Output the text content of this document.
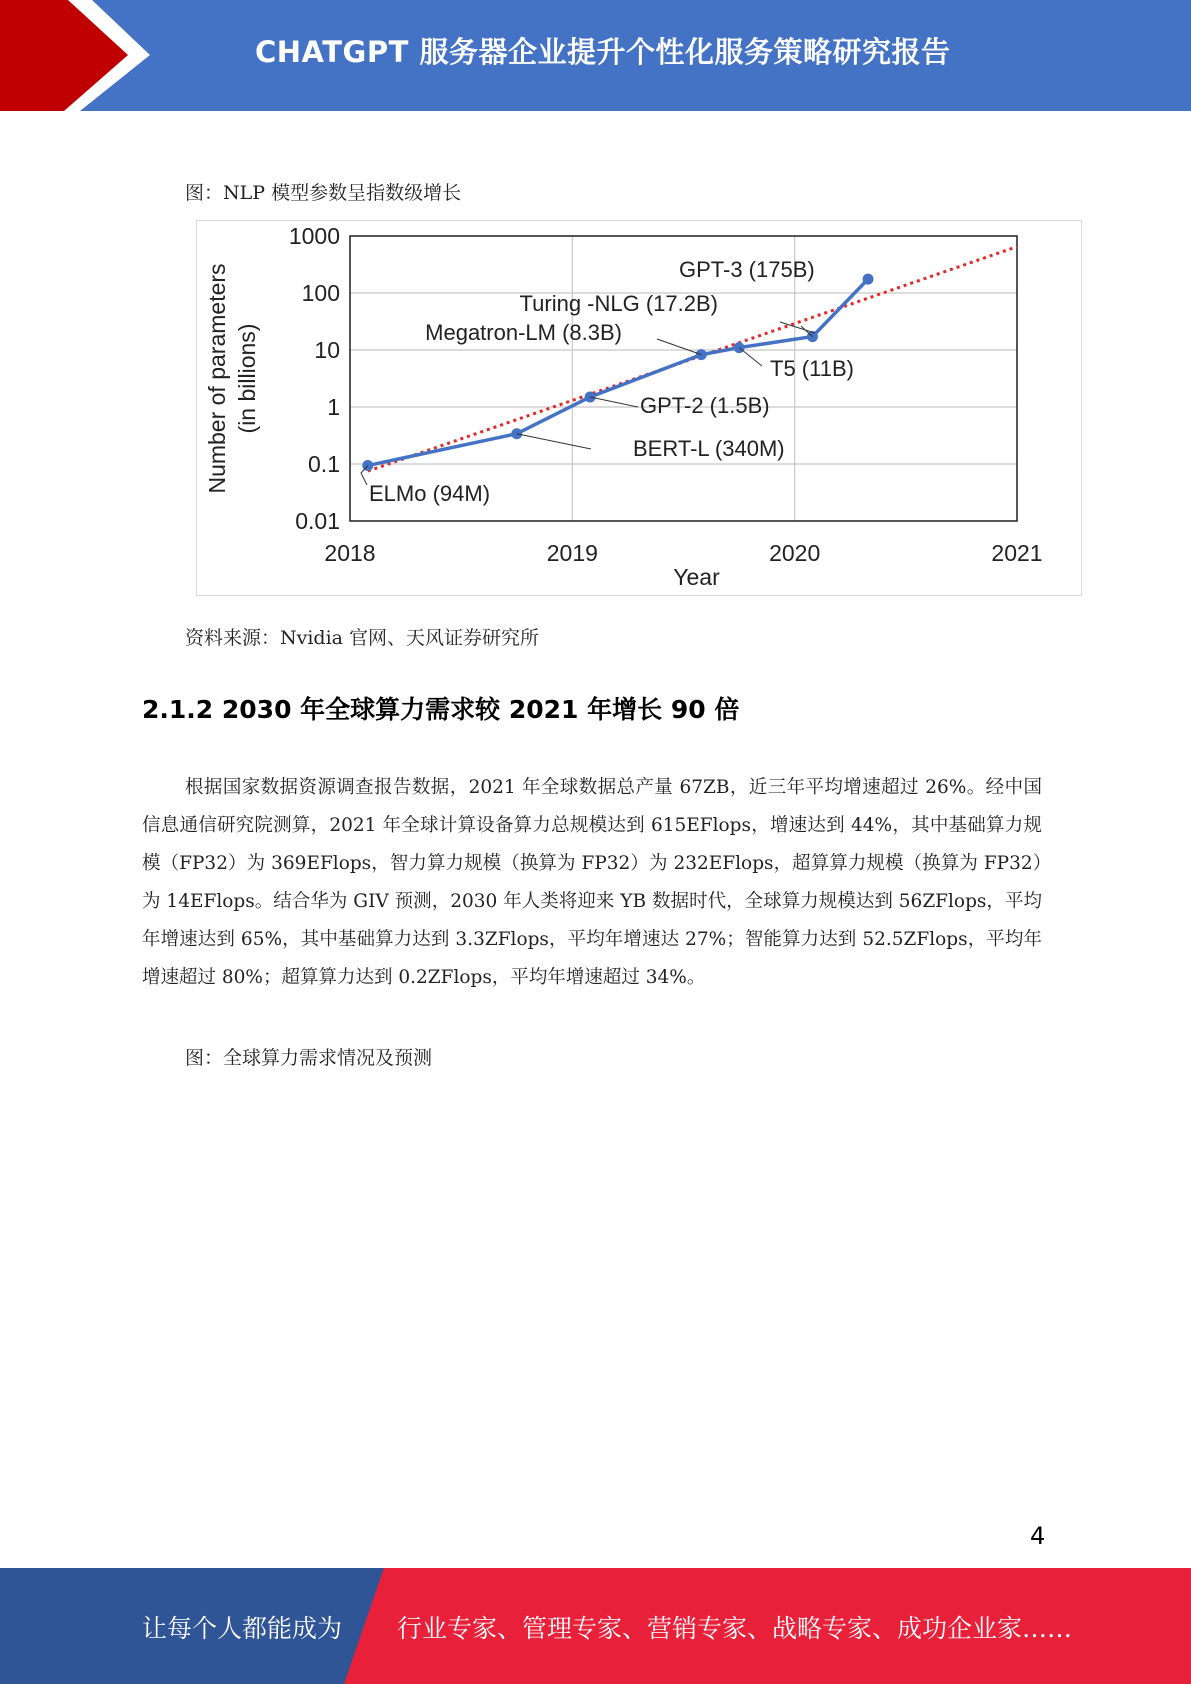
CHATGPT 服务器企业提升个性化服务策略研究报告
图：NLP 模型参数呈指数级增长
1000
100
10
1
0.1
0.01
2018	2019	2020	2021
Year
Number of parameters (in billions)
ELMo (94M)
BERT-L (340M)
GPT-2 (1.5B)
Megatron-LM (8.3B)
T5 (11B)
Turing -NLG (17.2B)
GPT-3 (175B)
资料来源：Nvidia 官网、天风证券研究所
2.1.2 2030 年全球算力需求较 2021 年增长 90 倍

根据国家数据资源调查报告数据，2021 年全球数据总产量 67ZB，近三年平均增速超过 26%。经中国信息通信研究院测算，2021 年全球计算设备算力总规模达到 615EFlops，增速达到 44%，其中基础算力规模（FP32）为 369EFlops，智力算力规模（换算为 FP32）为 232EFlops，超算算力规模（换算为 FP32）为 14EFlops。结合华为 GIV 预测，2030 年人类将迎来 YB 数据时代，全球算力规模达到 56ZFlops，平均年增速达到 65%，其中基础算力达到 3.3ZFlops，平均年增速达 27%；智能算力达到 52.5ZFlops，平均年增速超过 80%；超算算力达到 0.2ZFlops，平均年增速超过 34%。

图：全球算力需求情况及预测
4
让每个人都能成为 行业专家、管理专家、营销专家、战略专家、成功企业家……
